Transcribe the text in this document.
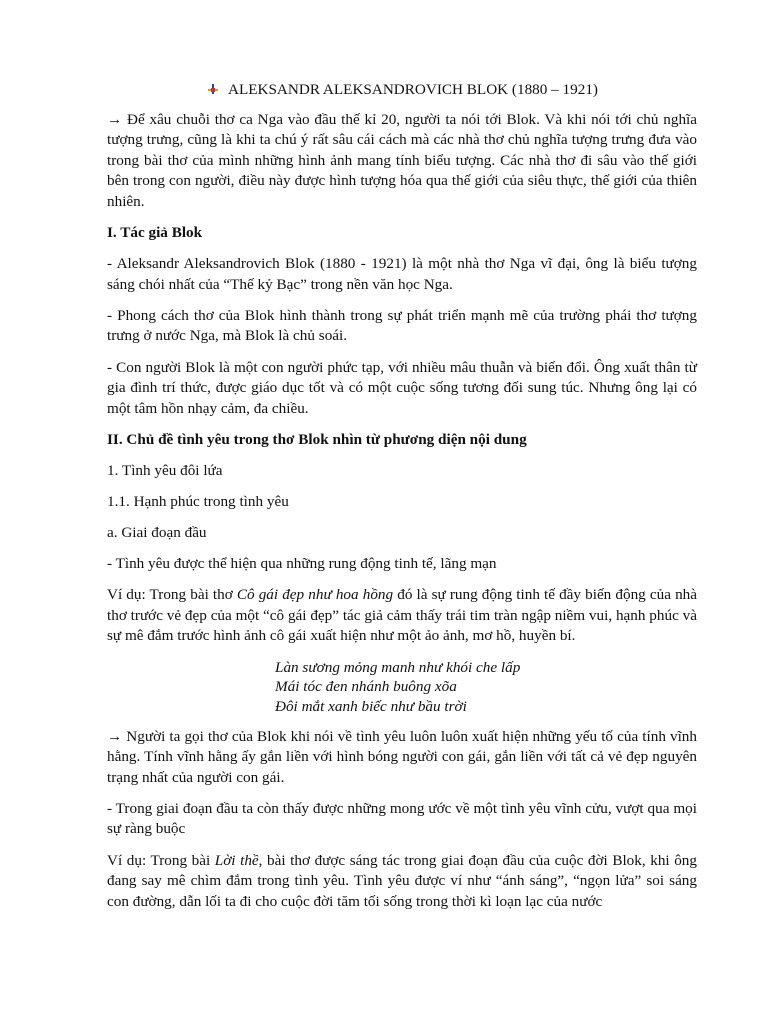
ALEKSANDR ALEKSANDROVICH BLOK (1880 – 1921)

→ Để xâu chuỗi thơ ca Nga vào đầu thế kỉ 20, người ta nói tới Blok. Và khi nói tới chủ nghĩa tượng trưng, cũng là khi ta chú ý rất sâu cái cách mà các nhà thơ chủ nghĩa tượng trưng đưa vào trong bài thơ của mình những hình ảnh mang tính biểu tượng. Các nhà thơ đi sâu vào thế giới bên trong con người, điều này được hình tượng hóa qua thế giới của siêu thực, thế giới của thiên nhiên.

I. Tác giả Blok

- Aleksandr Aleksandrovich Blok (1880 - 1921) là một nhà thơ Nga vĩ đại, ông là biểu tượng sáng chói nhất của “Thế kỷ Bạc” trong nền văn học Nga.

- Phong cách thơ của Blok hình thành trong sự phát triển mạnh mẽ của trường phái thơ tượng trưng ở nước Nga, mà Blok là chủ soái.

- Con người Blok là một con người phức tạp, với nhiều mâu thuẫn và biến đổi. Ông xuất thân từ gia đình trí thức, được giáo dục tốt và có một cuộc sống tương đối sung túc. Nhưng ông lại có một tâm hồn nhạy cảm, đa chiều.

II. Chủ đề tình yêu trong thơ Blok nhìn từ phương diện nội dung

1. Tình yêu đôi lứa

1.1. Hạnh phúc trong tình yêu

a. Giai đoạn đầu

- Tình yêu được thể hiện qua những rung động tinh tế, lãng mạn

Ví dụ: Trong bài thơ Cô gái đẹp như hoa hồng đó là sự rung động tinh tế đầy biến động của nhà thơ trước vẻ đẹp của một “cô gái đẹp” tác giả cảm thấy trái tim tràn ngập niềm vui, hạnh phúc và sự mê đắm trước hình ảnh cô gái xuất hiện như một ảo ảnh, mơ hồ, huyền bí.

Làn sương mỏng manh như khói che lấp
Mái tóc đen nhánh buông xõa
Đôi mắt xanh biếc như bầu trời

→ Người ta gọi thơ của Blok khi nói về tình yêu luôn luôn xuất hiện những yếu tố của tính vĩnh hằng. Tính vĩnh hằng ấy gắn liền với hình bóng người con gái, gắn liền với tất cả vẻ đẹp nguyên trạng nhất của người con gái.

- Trong giai đoạn đầu ta còn thấy được những mong ước về một tình yêu vĩnh cửu, vượt qua mọi sự ràng buộc

Ví dụ: Trong bài Lời thề, bài thơ được sáng tác trong giai đoạn đầu của cuộc đời Blok, khi ông đang say mê chìm đắm trong tình yêu. Tình yêu được ví như “ánh sáng”, “ngọn lửa” soi sáng con đường, dẫn lối ta đi cho cuộc đời tăm tối sống trong thời kì loạn lạc của nước
